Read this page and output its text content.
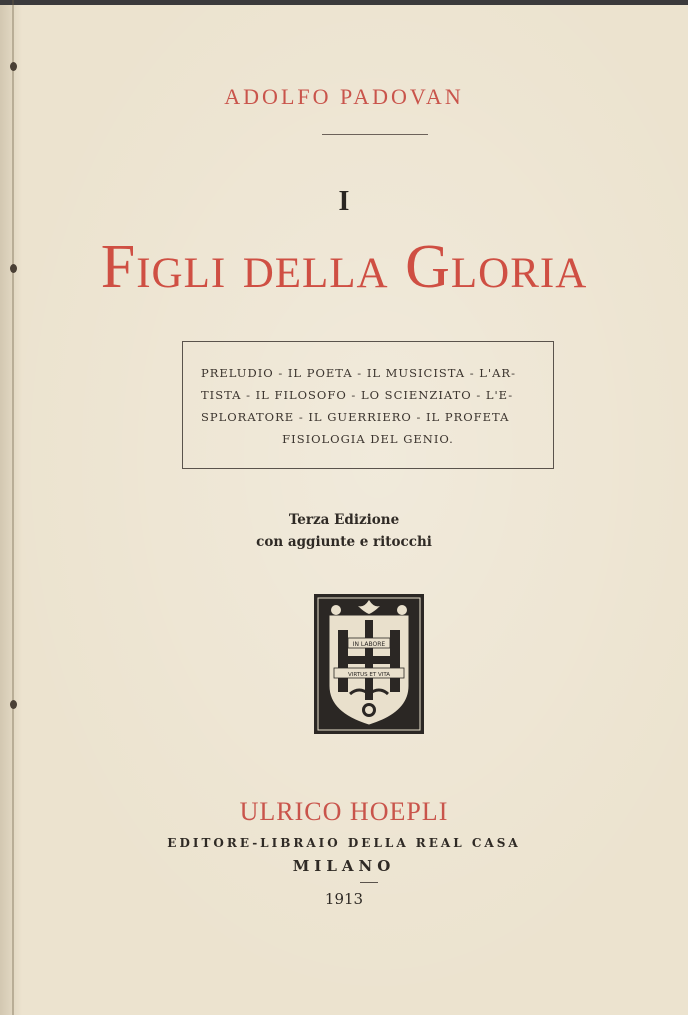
ADOLFO PADOVAN
I
Figli della Gloria
PRELUDIO - IL POETA - IL MUSICISTA - L'AR-
TISTA - IL FILOSOFO - LO SCIENZIATO - L'E-
SPLORATORE - IL GUERRIERO - IL PROFETA
FISIOLOGIA DEL GENIO.
Terza Edizione
con aggiunte e ritocchi
IN LABORE
VIRTUS ET VITA
ULRICO HOEPLI
EDITORE-LIBRAIO DELLA REAL CASA
MILANO
1913
